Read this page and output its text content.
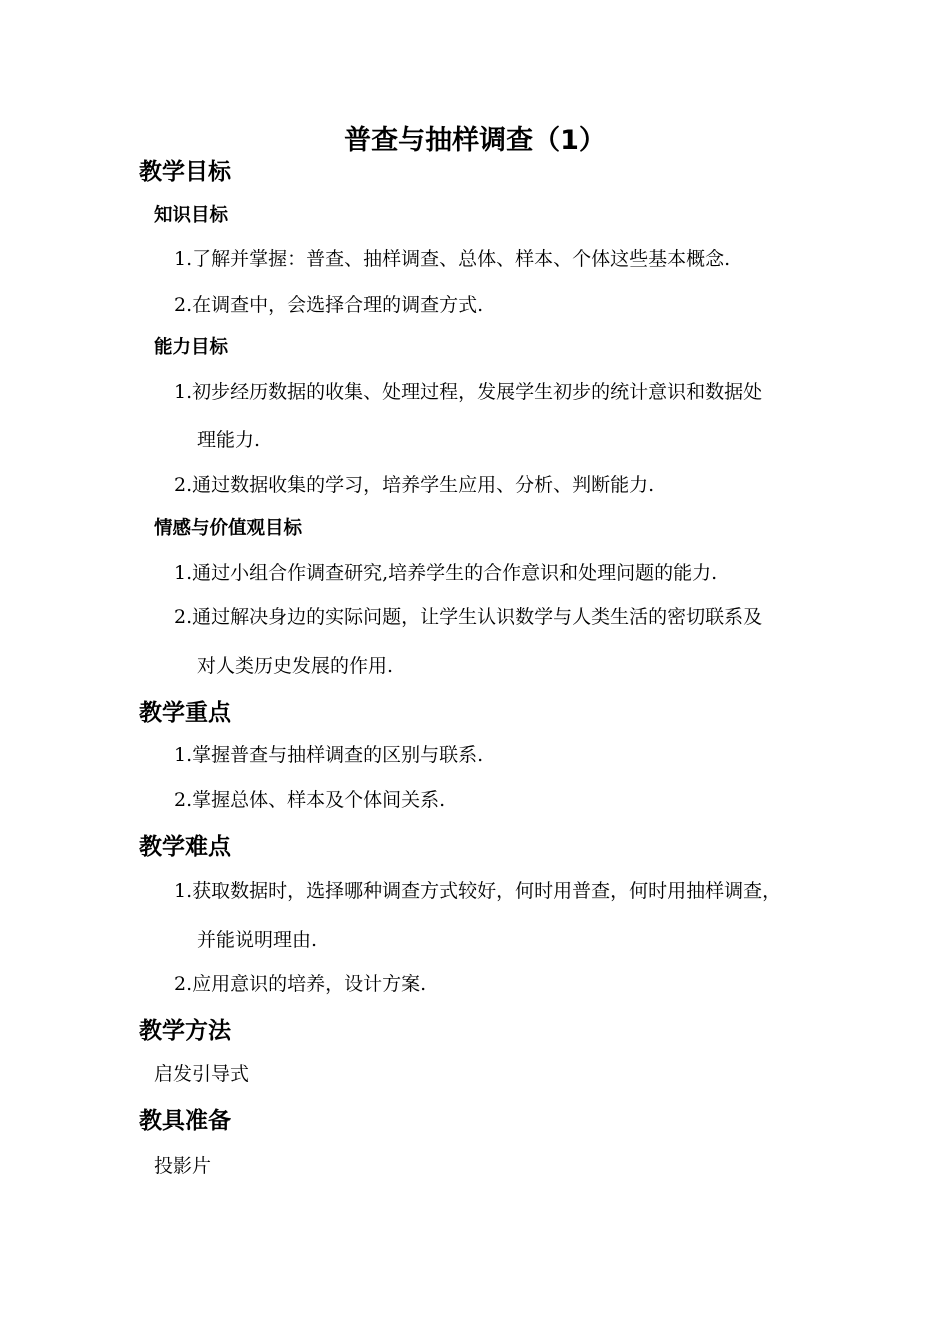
普查与抽样调查（1）
教学目标
知识目标
1.了解并掌握：普查、抽样调查、总体、样本、个体这些基本概念.
2.在调查中，会选择合理的调查方式.
能力目标
1.初步经历数据的收集、处理过程，发展学生初步的统计意识和数据处
理能力.
2.通过数据收集的学习，培养学生应用、分析、判断能力.
情感与价值观目标
1.通过小组合作调查研究,培养学生的合作意识和处理问题的能力.
2.通过解决身边的实际问题，让学生认识数学与人类生活的密切联系及
对人类历史发展的作用.
教学重点
1.掌握普查与抽样调查的区别与联系.
2.掌握总体、样本及个体间关系.
教学难点
1.获取数据时，选择哪种调查方式较好，何时用普查，何时用抽样调查，
并能说明理由.
2.应用意识的培养，设计方案.
教学方法
启发引导式
教具准备
投影片
